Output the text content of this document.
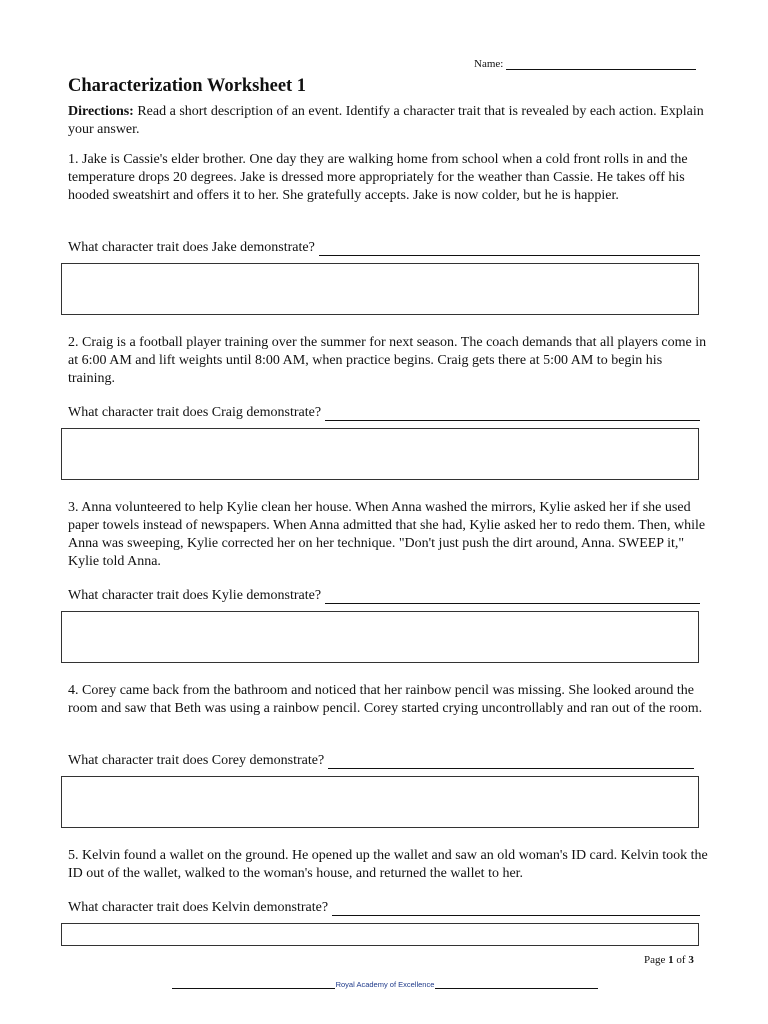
Name:
Characterization Worksheet 1

Directions: Read a short description of an event. Identify a character trait that is revealed by each action. Explain your answer.

1. Jake is Cassie's elder brother. One day they are walking home from school when a cold front rolls in and the temperature drops 20 degrees. Jake is dressed more appropriately for the weather than Cassie. He takes off his hooded sweatshirt and offers it to her. She gratefully accepts. Jake is now colder, but he is happier.

What character trait does Jake demonstrate?

2. Craig is a football player training over the summer for next season. The coach demands that all players come in at 6:00 AM and lift weights until 8:00 AM, when practice begins. Craig gets there at 5:00 AM to begin his training.

What character trait does Craig demonstrate?

3. Anna volunteered to help Kylie clean her house. When Anna washed the mirrors, Kylie asked her if she used paper towels instead of newspapers. When Anna admitted that she had, Kylie asked her to redo them. Then, while Anna was sweeping, Kylie corrected her on her technique. "Don't just push the dirt around, Anna. SWEEP it," Kylie told Anna.

What character trait does Kylie demonstrate?

4. Corey came back from the bathroom and noticed that her rainbow pencil was missing. She looked around the room and saw that Beth was using a rainbow pencil. Corey started crying uncontrollably and ran out of the room.

What character trait does Corey demonstrate?

5. Kelvin found a wallet on the ground. He opened up the wallet and saw an old woman's ID card. Kelvin took the ID out of the wallet, walked to the woman's house, and returned the wallet to her.

What character trait does Kelvin demonstrate?
Page 1 of 3
Royal Academy of Excellence
